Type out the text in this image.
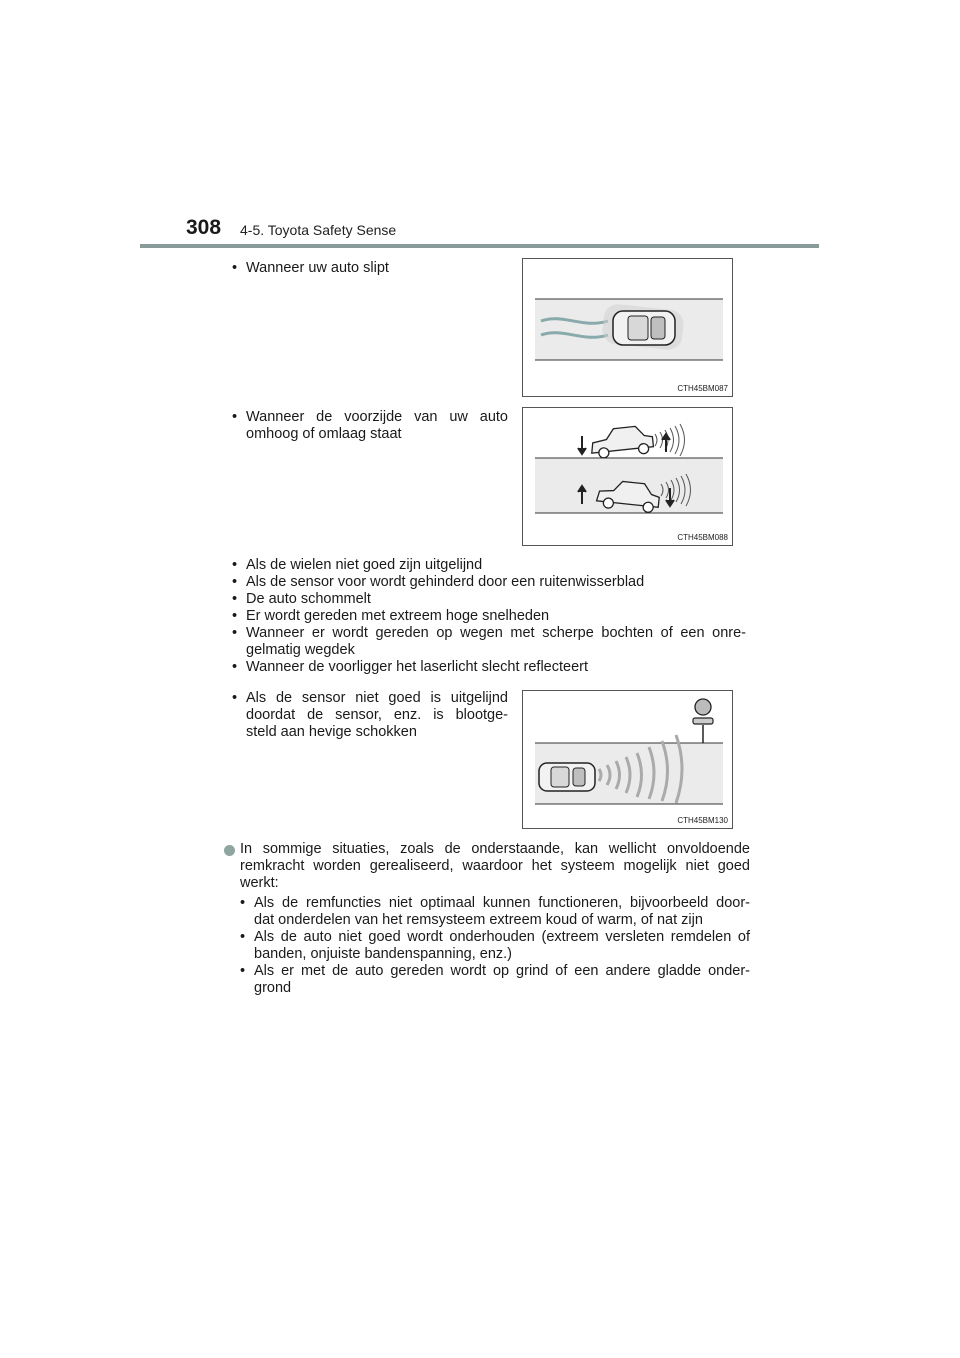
308 4-5. Toyota Safety Sense
• Wanneer uw auto slipt
CTH45BM087
• Wanneer de voorzijde van uw auto omhoog of omlaag staat
CTH45BM088
• Als de wielen niet goed zijn uitgelijnd
• Als de sensor voor wordt gehinderd door een ruitenwisserblad
• De auto schommelt
• Er wordt gereden met extreem hoge snelheden
• Wanneer er wordt gereden op wegen met scherpe bochten of een onre-
gelmatig wegdek
• Wanneer de voorligger het laserlicht slecht reflecteert
• Als de sensor niet goed is uitgelijnd
doordat de sensor, enz. is blootge-
steld aan hevige schokken
CTH45BM130
In sommige situaties, zoals de onderstaande, kan wellicht onvoldoende
remkracht worden gerealiseerd, waardoor het systeem mogelijk niet goed
werkt:
• Als de remfuncties niet optimaal kunnen functioneren, bijvoorbeeld door-
dat onderdelen van het remsysteem extreem koud of warm, of nat zijn
• Als de auto niet goed wordt onderhouden (extreem versleten remdelen of
banden, onjuiste bandenspanning, enz.)
• Als er met de auto gereden wordt op grind of een andere gladde onder-
grond
